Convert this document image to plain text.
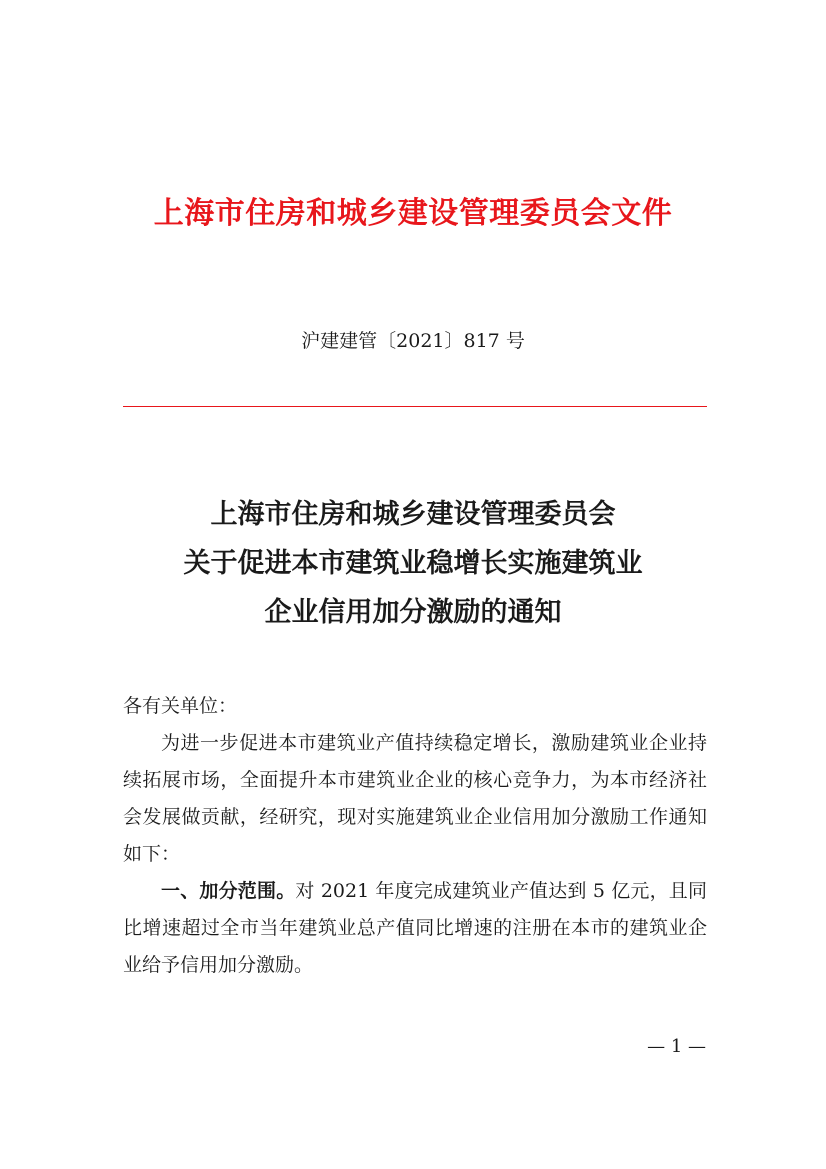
上海市住房和城乡建设管理委员会文件
沪建建管〔2021〕817 号
上海市住房和城乡建设管理委员会
关于促进本市建筑业稳增长实施建筑业
企业信用加分激励的通知

各有关单位：

为进一步促进本市建筑业产值持续稳定增长，激励建筑业企业持续拓展市场，全面提升本市建筑业企业的核心竞争力，为本市经济社会发展做贡献，经研究，现对实施建筑业企业信用加分激励工作通知如下：

一、加分范围。对 2021 年度完成建筑业产值达到 5 亿元，且同比增速超过全市当年建筑业总产值同比增速的注册在本市的建筑业企业给予信用加分激励。

— 1 —
